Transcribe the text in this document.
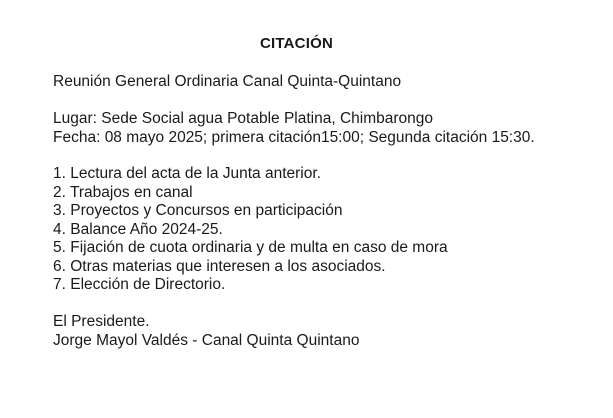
CITACIÓN
Reunión General Ordinaria Canal Quinta-Quintano
Lugar: Sede Social agua Potable Platina, Chimbarongo
Fecha: 08 mayo 2025; primera citación15:00; Segunda citación 15:30.
1. Lectura del acta de la Junta anterior.
2. Trabajos en canal
3. Proyectos y Concursos en participación
4. Balance Año 2024-25.
5. Fijación de cuota ordinaria y de multa en caso de mora
6. Otras materias que interesen a los asociados.
7. Elección de Directorio.
El Presidente.
Jorge Mayol Valdés - Canal Quinta Quintano
